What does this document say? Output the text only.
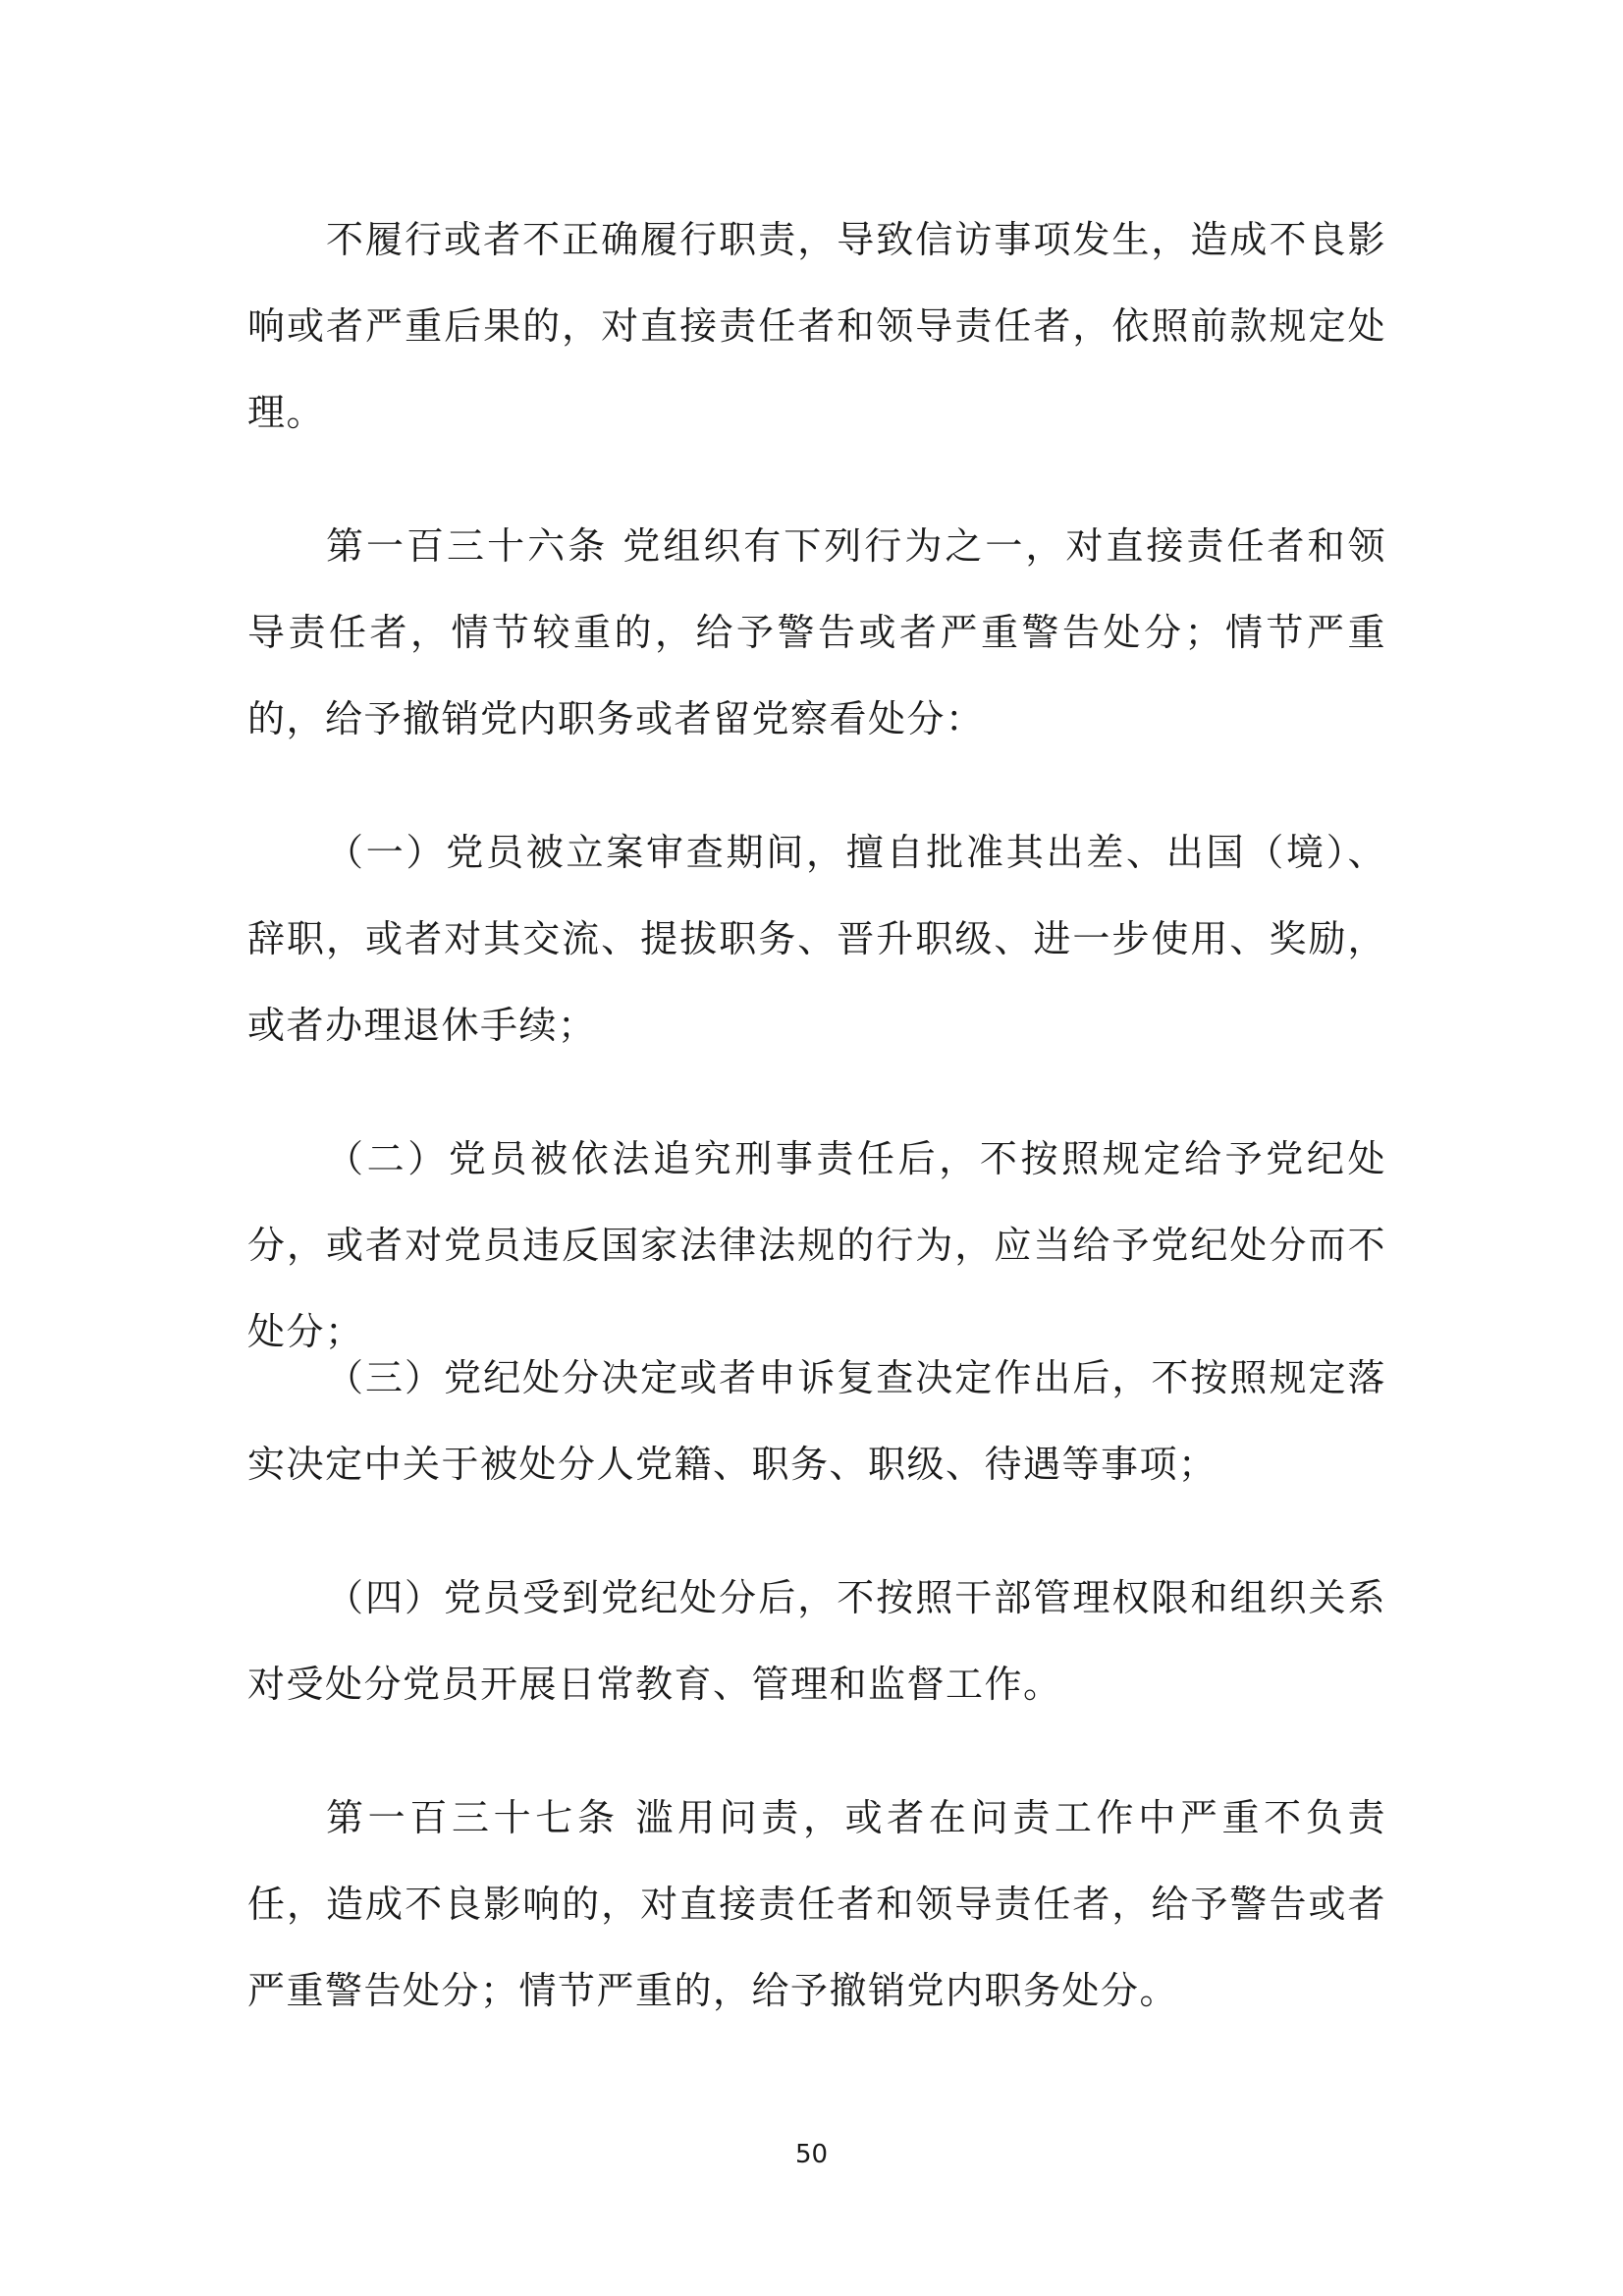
不履行或者不正确履行职责，导致信访事项发生，造成不良影响或者严重后果的，对直接责任者和领导责任者，依照前款规定处理。

第一百三十六条 党组织有下列行为之一，对直接责任者和领导责任者，情节较重的，给予警告或者严重警告处分；情节严重的，给予撤销党内职务或者留党察看处分：

（一）党员被立案审查期间，擅自批准其出差、出国（境）、辞职，或者对其交流、提拔职务、晋升职级、进一步使用、奖励，或者办理退休手续；

（二）党员被依法追究刑事责任后，不按照规定给予党纪处分，或者对党员违反国家法律法规的行为，应当给予党纪处分而不处分；

（三）党纪处分决定或者申诉复查决定作出后，不按照规定落实决定中关于被处分人党籍、职务、职级、待遇等事项；

（四）党员受到党纪处分后，不按照干部管理权限和组织关系对受处分党员开展日常教育、管理和监督工作。

第一百三十七条 滥用问责，或者在问责工作中严重不负责任，造成不良影响的，对直接责任者和领导责任者，给予警告或者严重警告处分；情节严重的，给予撤销党内职务处分。

50
